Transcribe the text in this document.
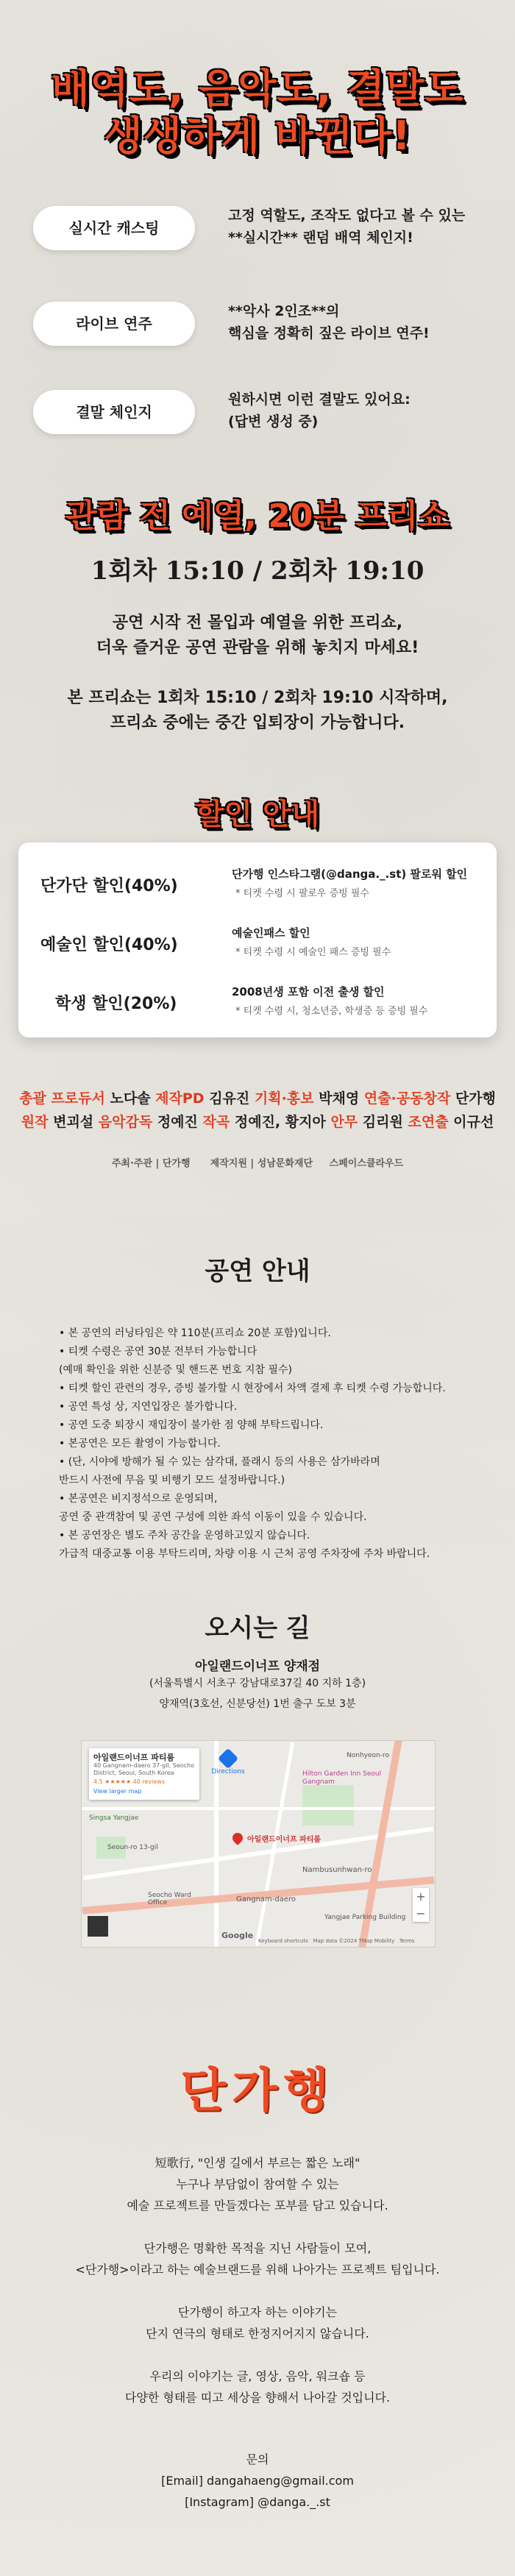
배역도, 음악도, 결말도
생생하게 바뀐다!
실시간 캐스팅
고정 역할도, 조작도 없다고 볼 수 있는
**실시간** 랜덤 배역 체인지!
라이브 연주
**악사 2인조**의
핵심을 정확히 짚은 라이브 연주!
결말 체인지
원하시면 이런 결말도 있어요:
(답변 생성 중)
관람 전 예열, 20분 프리쇼
1회차 15:10 / 2회차 19:10
공연 시작 전 몰입과 예열을 위한 프리쇼,
더욱 즐거운 공연 관람을 위해 놓치지 마세요!
본 프리쇼는 1회차 15:10 / 2회차 19:10 시작하며,
프리쇼 중에는 중간 입퇴장이 가능합니다.
할인 안내
단가단 할인(40%)
단가행 인스타그램(@danga._.st) 팔로워 할인
* 티켓 수령 시 팔로우 증빙 필수
예술인 할인(40%)
예술인패스 할인
* 티켓 수령 시 예술인 패스 증빙 필수
학생 할인(20%)
2008년생 포함 이전 출생 할인
* 티켓 수령 시, 청소년증, 학생증 등 증빙 필수
총괄 프로듀서 노다솔 제작PD 김유진 기획·홍보 박채영 연출·공동창작 단가행
원작 변괴설 음악감독 정예진 작곡 정예진, 황지아 안무 김리원 조연출 이규선
주최·주관 | 단가행      제작지원 | 성남문화재단     스페이스클라우드
공연 안내
• 본 공연의 러닝타임은 약 110분(프리쇼 20분 포함)입니다.
• 티켓 수령은 공연 30분 전부터 가능합니다
(예매 확인을 위한 신분증 및 핸드폰 번호 지참 필수)
• 티켓 할인 관련의 경우, 증빙 불가할 시 현장에서 차액 결제 후 티켓 수령 가능합니다.
• 공연 특성 상, 지연입장은 불가합니다.
• 공연 도중 퇴장시 재입장이 불가한 점 양해 부탁드립니다.
• 본공연은 모든 촬영이 가능합니다.
• (단, 시야에 방해가 될 수 있는 삼각대, 플래시 등의 사용은 삼가바라며
반드시 사전에 무음 및 비행기 모드 설정바랍니다.)
• 본공연은 비지정석으로 운영되며,
공연 중 관객참여 및 공연 구성에 의한 좌석 이동이 있을 수 있습니다.
• 본 공연장은 별도 주차 공간을 운영하고있지 않습니다.
가급적 대중교통 이용 부탁드리며, 차량 이용 시 근처 공영 주차장에 주차 바랍니다.
오시는 길
아일랜드이너프 양재점
(서울특별시 서초구 강남대로37길 40 지하 1층)
양재역(3호선, 신분당선) 1번 출구 도보 3분
Gangnam-daero
Nambusunhwan-ro
Seoun-ro 13-gil
Singsa Yangjae
Hilton Garden Inn Seoul Gangnam
Seocho Ward Office
Yangjae Parking Building
Nonhyeon-ro
아일랜드이너프 파티룸
아일랜드이너프 파티룸
40 Gangnam-daero 37-gil, Seocho District, Seoul, South Korea
4.5 ★★★★★ 40 reviews
View larger map
Directions
+
−
Google
Keyboard shortcuts   Map data ©2024 TMap Mobility   Terms
단가행
短歌行, "인생 길에서 부르는 짧은 노래"
누구나 부담없이 참여할 수 있는
예술 프로젝트를 만들겠다는 포부를 담고 있습니다.
단가행은 명확한 목적을 지닌 사람들이 모여,
<단가행>이라고 하는 예술브랜드를 위해 나아가는 프로젝트 팀입니다.
단가행이 하고자 하는 이야기는
단지 연극의 형태로 한정지어지지 않습니다.
우리의 이야기는 글, 영상, 음악, 워크숍 등
다양한 형태를 띠고 세상을 향해서 나아갈 것입니다.
문의
[Email] dangahaeng@gmail.com
[Instagram] @danga._.st
